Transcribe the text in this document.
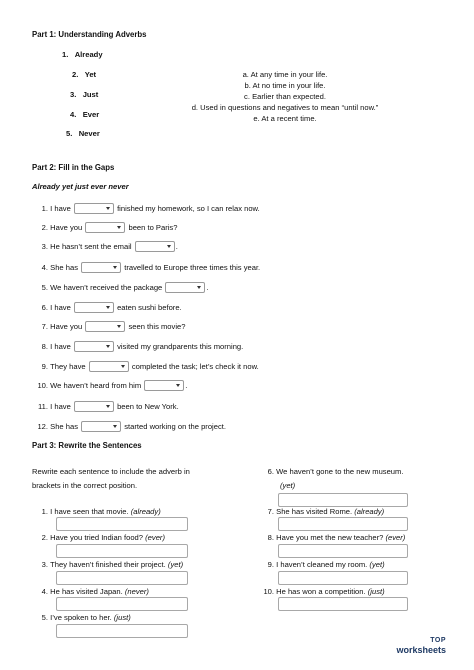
Part 1: Understanding Adverbs
1. Already
2. Yet
3. Just
4. Ever
5. Never
a. At any time in your life.
b. At no time in your life.
c. Earlier than expected.
d. Used in questions and negatives to mean “until now.”
e. At a recent time.
Part 2: Fill in the Gaps
Already yet just ever never
1. I have	finished my homework, so I can relax now.
2. Have you	been to Paris?
3. He hasn’t sent the email	.
4. She has	travelled to Europe three times this year.
5. We haven’t received the package	.
6. I have	eaten sushi before.
7. Have you	seen this movie?
8. I have	visited my grandparents this morning.
9. They have	completed the task; let’s check it now.
10. We haven’t heard from him	.
11. I have	been to New York.
12. She has	started working on the project.
Part 3: Rewrite the Sentences
Rewrite each sentence to include the adverb in
brackets in the correct position.
1. I have seen that movie. (already)
2. Have you tried Indian food? (ever)
3. They haven’t finished their project. (yet)
4. He has visited Japan. (never)
5. I’ve spoken to her. (just)
6. We haven’t gone to the new museum.
(yet)
7. She has visited Rome. (already)
8. Have you met the new teacher? (ever)
9. I haven’t cleaned my room. (yet)
10. He has won a competition. (just)
TOP
worksheets
